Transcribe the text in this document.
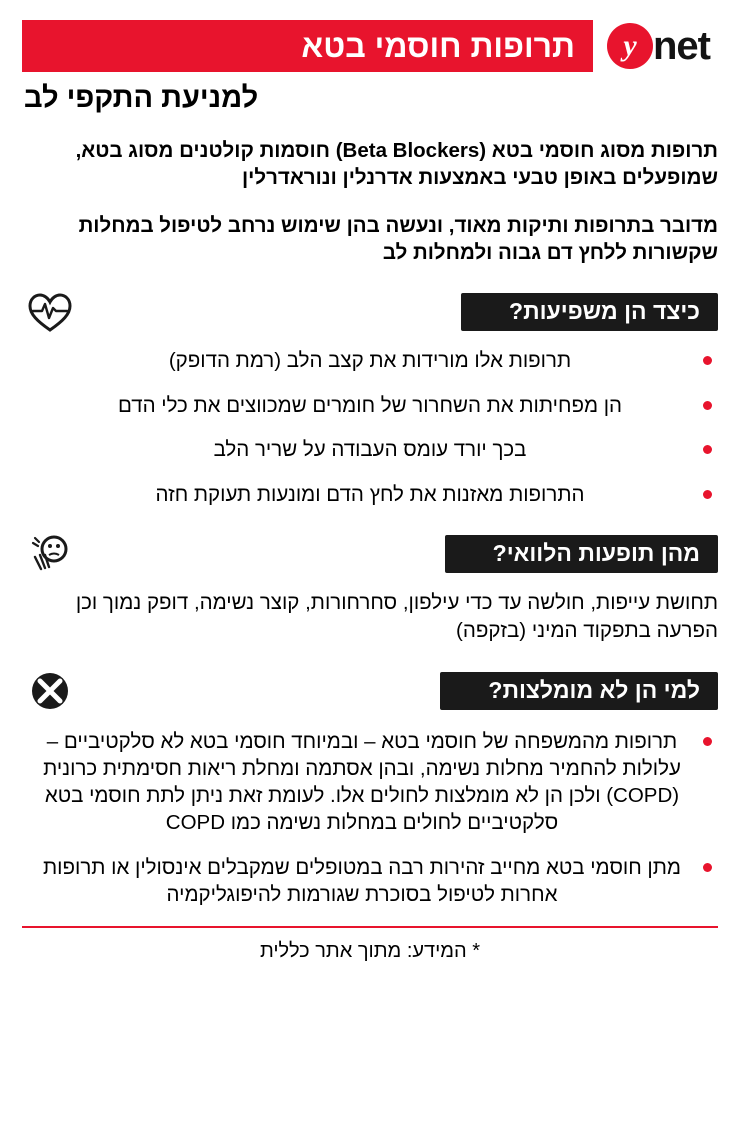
תרופות חוסמי בטא net
y
למניעת התקפי לב
תרופות מסוג חוסמי בטא (Beta Blockers) חוסמות קולטנים מסוג בטא, שמופעלים באופן טבעי באמצעות אדרנלין ונוראדרלין
מדובר בתרופות ותיקות מאוד, ונעשה בהן שימוש נרחב לטיפול במחלות שקשורות ללחץ דם גבוה ולמחלות לב
כיצד הן משפיעות?
תרופות אלו מורידות את קצב הלב (רמת הדופק)
הן מפחיתות את השחרור של חומרים שמכווצים את כלי הדם
בכך יורד עומס העבודה על שריר הלב
התרופות מאזנות את לחץ הדם ומונעות תעוקת חזה
מהן תופעות הלוואי?
תחושת עייפות, חולשה עד כדי עילפון, סחרחורות, קוצר נשימה, דופק נמוך וכן הפרעה בתפקוד המיני (בזקפה)
למי הן לא מומלצות?
תרופות מהמשפחה של חוסמי בטא – ובמיוחד חוסמי בטא לא סלקטיביים – עלולות להחמיר מחלות נשימה, ובהן אסתמה ומחלת ריאות חסימתית כרונית (COPD) ולכן הן לא מומלצות לחולים אלו. לעומת זאת ניתן לתת חוסמי בטא סלקטיביים לחולים במחלות נשימה כמו COPD
מתן חוסמי בטא מחייב זהירות רבה במטופלים שמקבלים אינסולין או תרופות אחרות לטיפול בסוכרת שגורמות להיפוגליקמיה
* המידע: מתוך אתר כללית
